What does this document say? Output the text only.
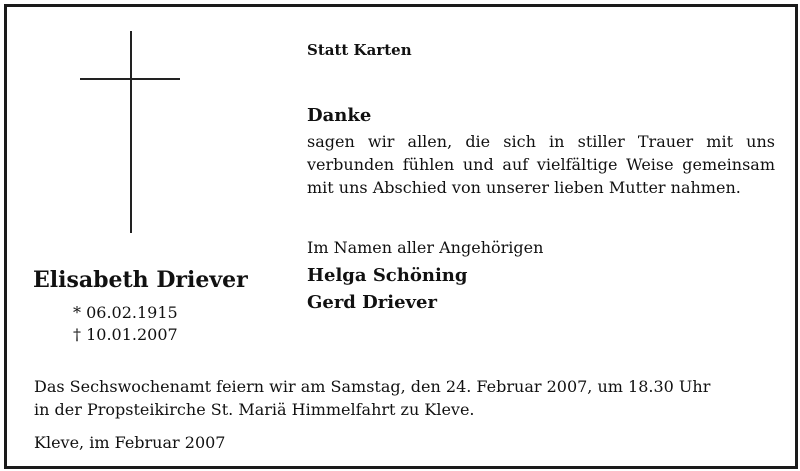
Statt Karten
Danke
sagen wir allen, die sich in stiller Trauer mit uns
verbunden fühlen und auf vielfältige Weise gemeinsam
mit uns Abschied von unserer lieben Mutter nahmen.
Im Namen aller Angehörigen
Helga Schöning
Gerd Driever
Elisabeth Driever
* 06.02.1915
† 10.01.2007
Das Sechswochenamt feiern wir am Samstag, den 24. Februar 2007, um 18.30 Uhr
in der Propsteikirche St. Mariä Himmelfahrt zu Kleve.
Kleve, im Februar 2007
